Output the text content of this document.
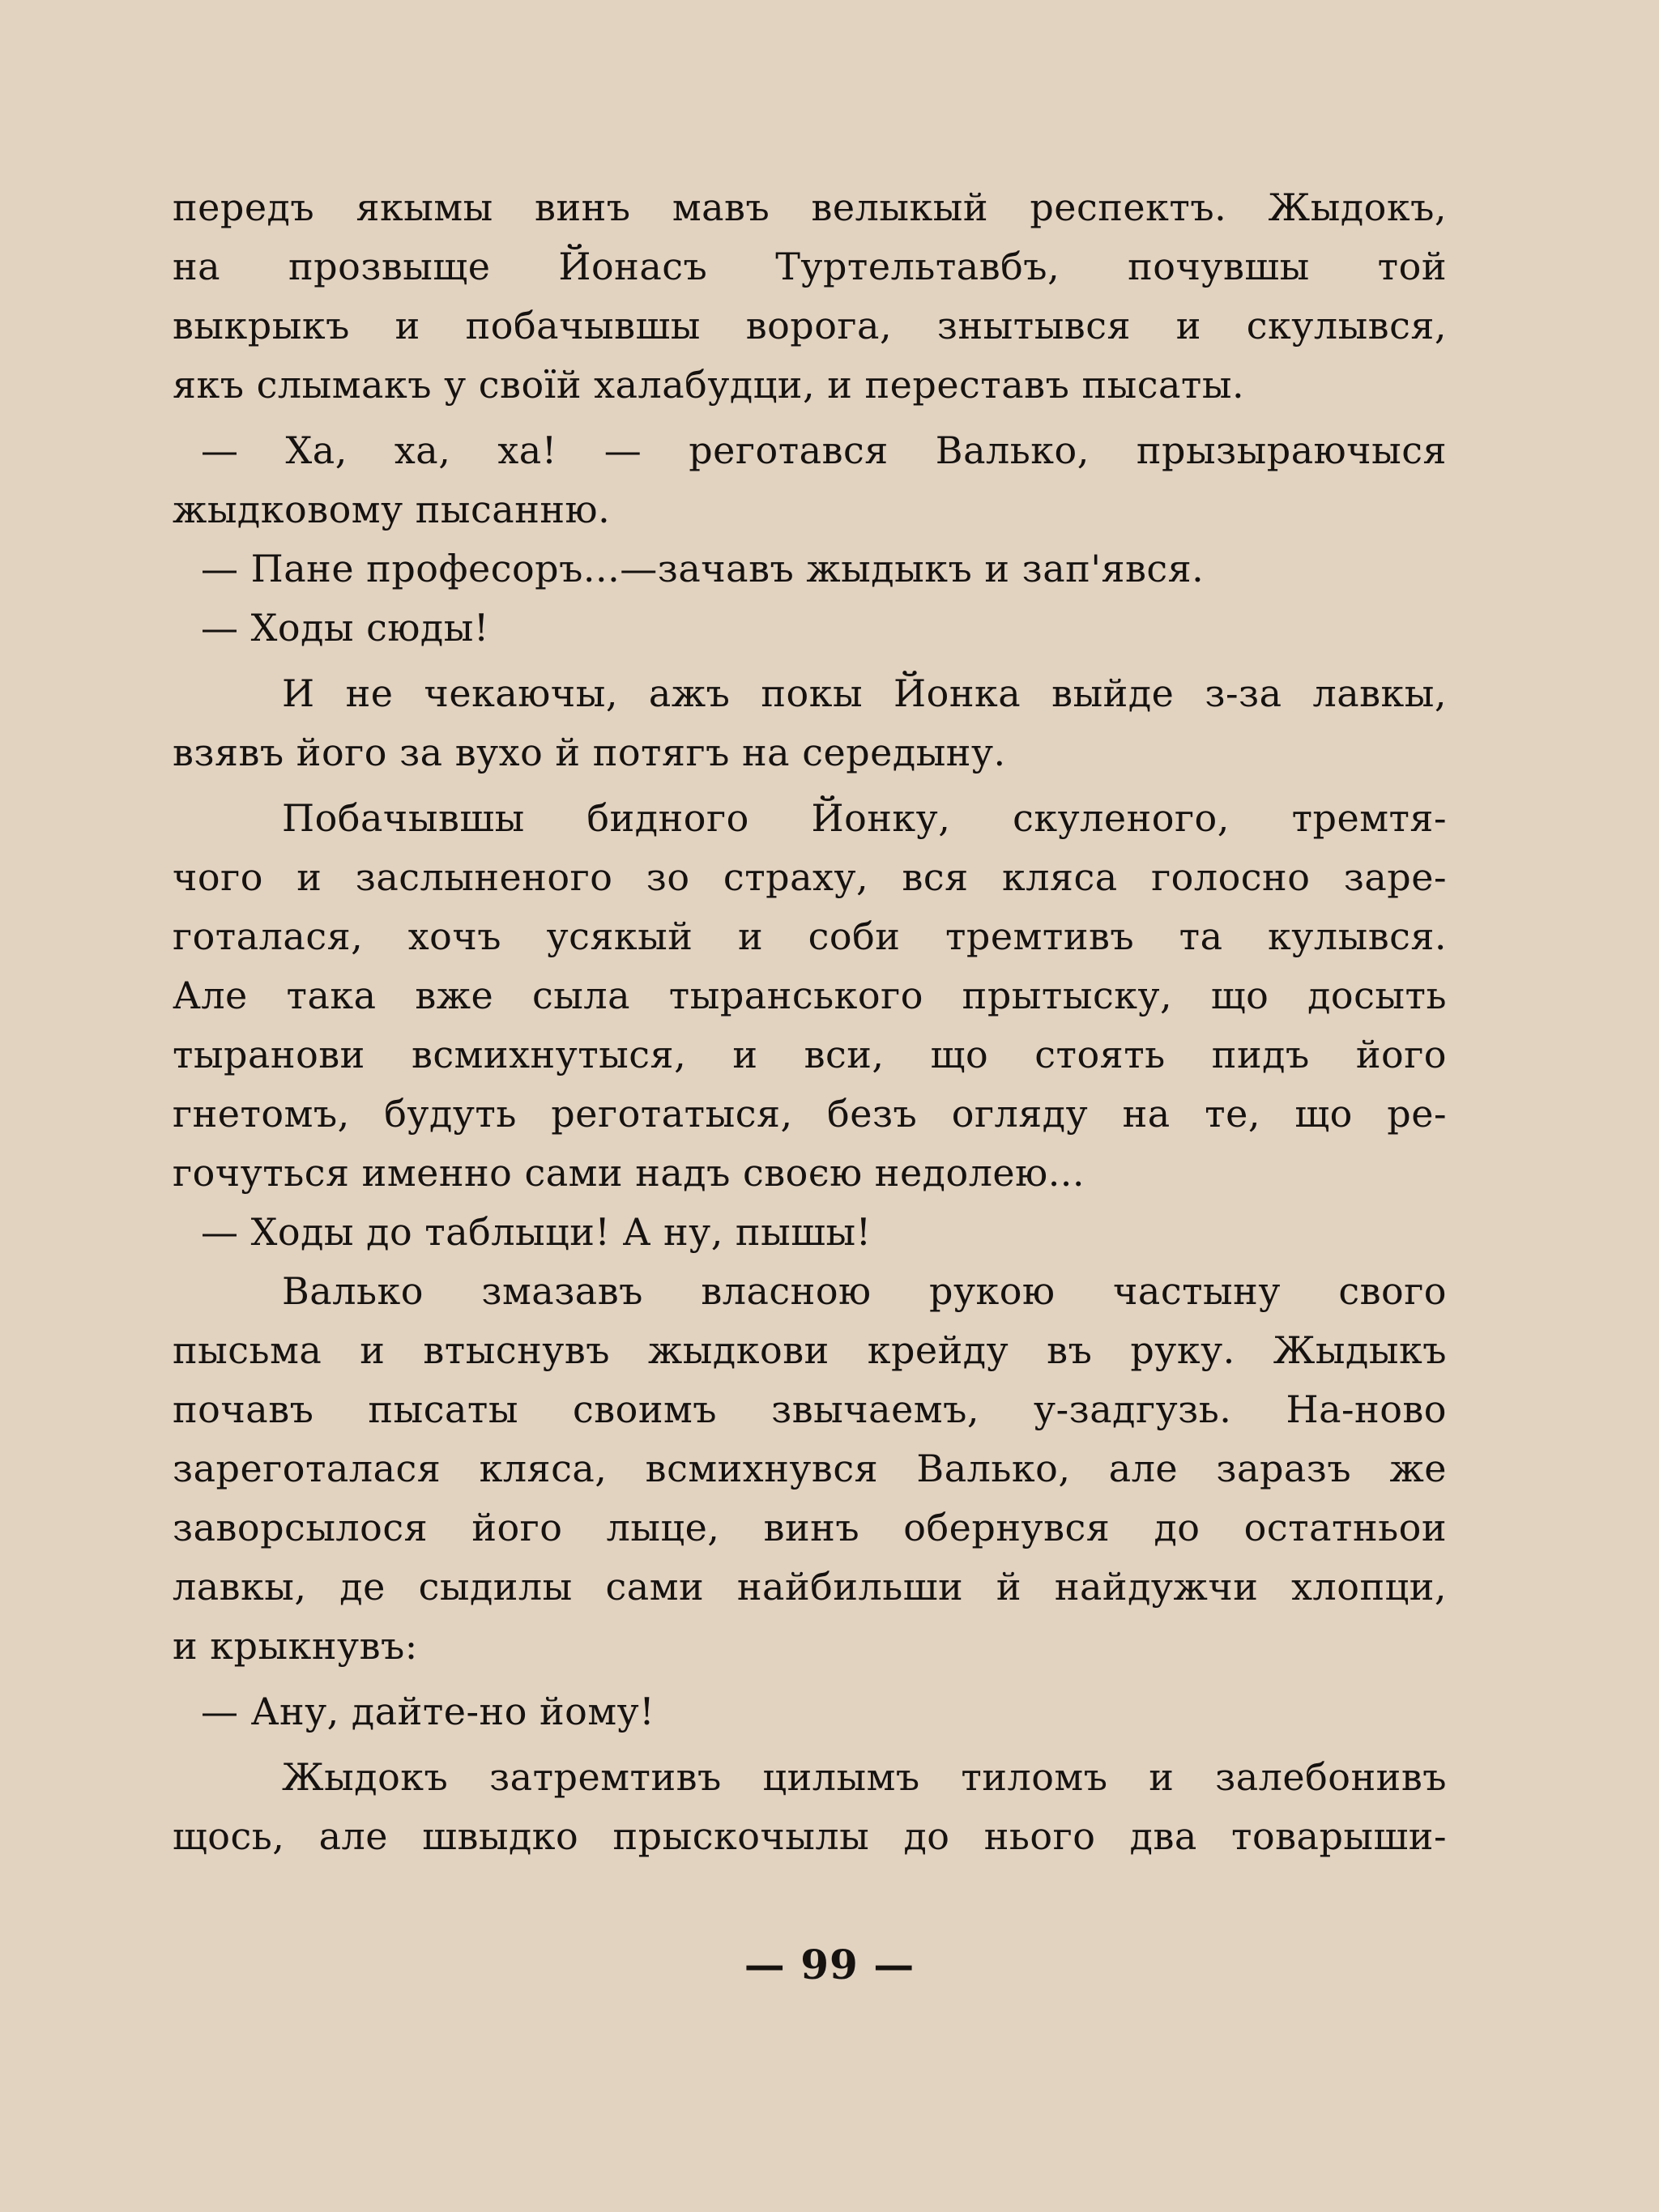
передъ якымы винъ мавъ велыкый респектъ. Жыдокъ,
на прозвыще Йонасъ Туртельтавбъ, почувшы той
выкрыкъ и побачывшы ворога, знытывся и скулывся,
якъ слымакъ у своїй халабудци, и переставъ пысаты.
— Ха, ха, ха! — реготався Валько, прызыраючыся
жыдковому пысанню.
— Пане професоръ...—зачавъ жыдыкъ и зап'явся.
— Ходы сюды!
И не чекаючы, ажъ покы Йонка выйде з-за лавкы,
взявъ його за вухо й потягъ на середыну.
Побачывшы бидного Йонку, скуленого, тремтя-
чого и заслыненого зо страху, вся кляса голосно заре-
готалася, хочъ усякый и соби тремтивъ та кулывся.
Але така вже сыла тыранського прытыску, що досыть
тыранови всмихнутыся, и вси, що стоять пидъ його
гнетомъ, будуть реготатыся, безъ огляду на те, що ре-
гочуться именно сами надъ своєю недолею...
— Ходы до таблыци! А ну, пышы!
Валько змазавъ власною рукою частыну свого
пысьма и втыснувъ жыдкови крейду въ руку. Жыдыкъ
почавъ пысаты своимъ звычаемъ, у-задгузь. На-ново
зареготалася кляса, всмихнувся Валько, але заразъ же
заворсылося його лыце, винъ обернувся до остатньои
лавкы, де сыдилы сами найбильши й найдужчи хлопци,
и крыкнувъ:
— Ану, дайте-но йому!
Жыдокъ затремтивъ цилымъ тиломъ и залебонивъ
щось, але швыдко прыскочылы до нього два товарыши-
— 99 —
